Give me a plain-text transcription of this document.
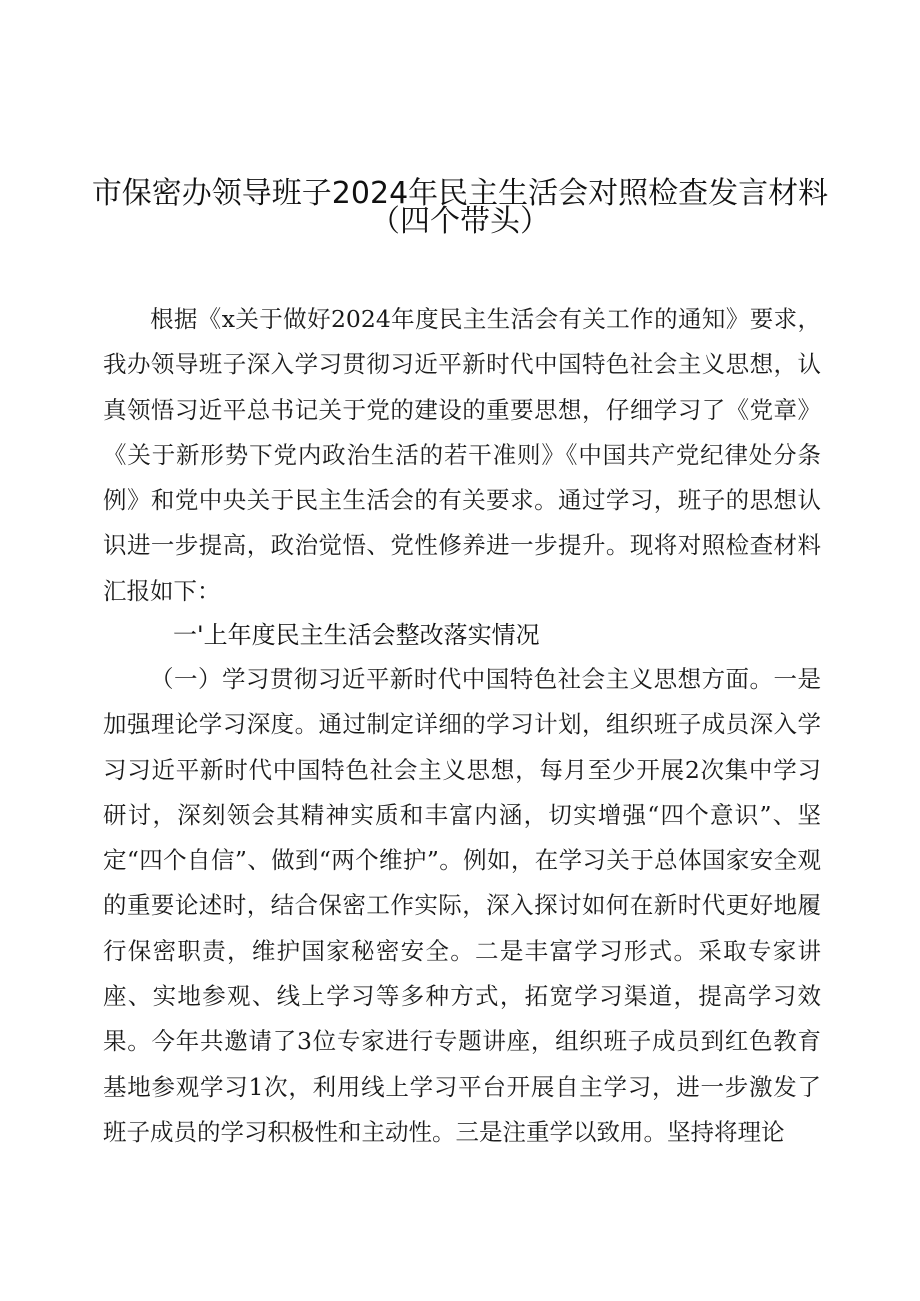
市保密办领导班子2024年民主生活会对照检查发言材料
（四个带头）

根据《x关于做好2024年度民主生活会有关工作的通知》要求，我办领导班子深入学习贯彻习近平新时代中国特色社会主义思想，认真领悟习近平总书记关于党的建设的重要思想，仔细学习了《党章》《关于新形势下党内政治生活的若干准则》《中国共产党纪律处分条例》和党中央关于民主生活会的有关要求。通过学习，班子的思想认识进一步提高，政治觉悟、党性修养进一步提升。现将对照检查材料汇报如下：

一'上年度民主生活会整改落实情况

（一）学习贯彻习近平新时代中国特色社会主义思想方面。一是加强理论学习深度。通过制定详细的学习计划，组织班子成员深入学习习近平新时代中国特色社会主义思想，每月至少开展2次集中学习研讨，深刻领会其精神实质和丰富内涵，切实增强“四个意识”、坚定“四个自信”、做到“两个维护”。例如，在学习关于总体国家安全观的重要论述时，结合保密工作实际，深入探讨如何在新时代更好地履行保密职责，维护国家秘密安全。二是丰富学习形式。采取专家讲座、实地参观、线上学习等多种方式，拓宽学习渠道，提高学习效果。今年共邀请了3位专家进行专题讲座，组织班子成员到红色教育基地参观学习1次，利用线上学习平台开展自主学习，进一步激发了班子成员的学习积极性和主动性。三是注重学以致用。坚持将理论
